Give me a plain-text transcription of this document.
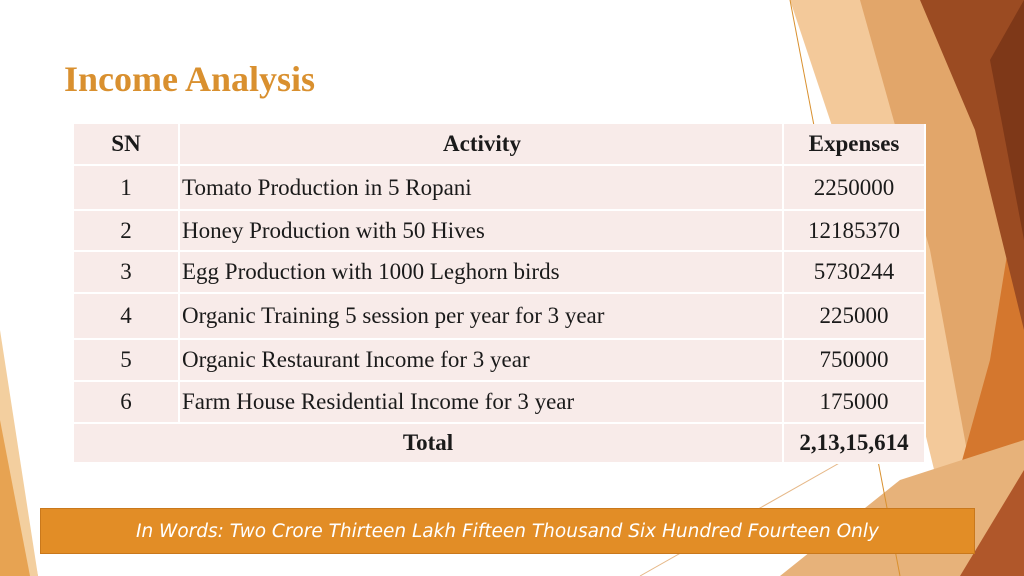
Income Analysis
SN	Activity	Expenses
1	Tomato Production in 5 Ropani	2250000
2	Honey Production with 50 Hives	12185370
3	Egg Production with 1000 Leghorn birds	5730244
4	Organic Training 5 session per year for 3 year	225000
5	Organic Restaurant Income for 3 year	750000
6	Farm House Residential Income for 3 year	175000
Total		2,13,15,614
In Words: Two Crore Thirteen Lakh Fifteen Thousand Six Hundred Fourteen Only
